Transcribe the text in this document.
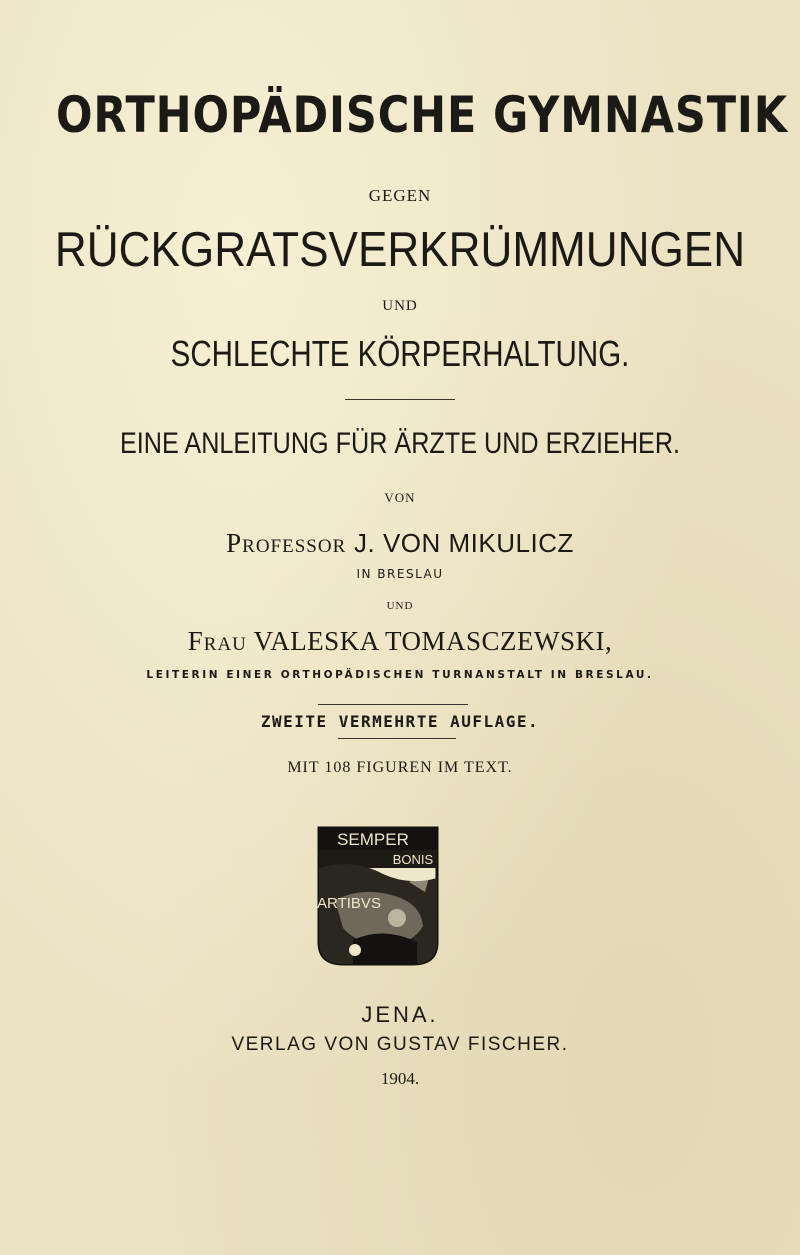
ORTHOPÄDISCHE GYMNASTIK
GEGEN
RÜCKGRATSVERKRÜMMUNGEN
UND
SCHLECHTE KÖRPERHALTUNG.
EINE ANLEITUNG FÜR ÄRZTE UND ERZIEHER.
VON
Professor J. VON MIKULICZ
IN BRESLAU
UND
Frau VALESKA TOMASCZEWSKI,
LEITERIN EINER ORTHOPÄDISCHEN TURNANSTALT IN BRESLAU.
ZWEITE VERMEHRTE AUFLAGE.
MIT 108 FIGUREN IM TEXT.
SEMPER
BONIS
ARTIBVS
JENA.
VERLAG VON GUSTAV FISCHER.
1904.
